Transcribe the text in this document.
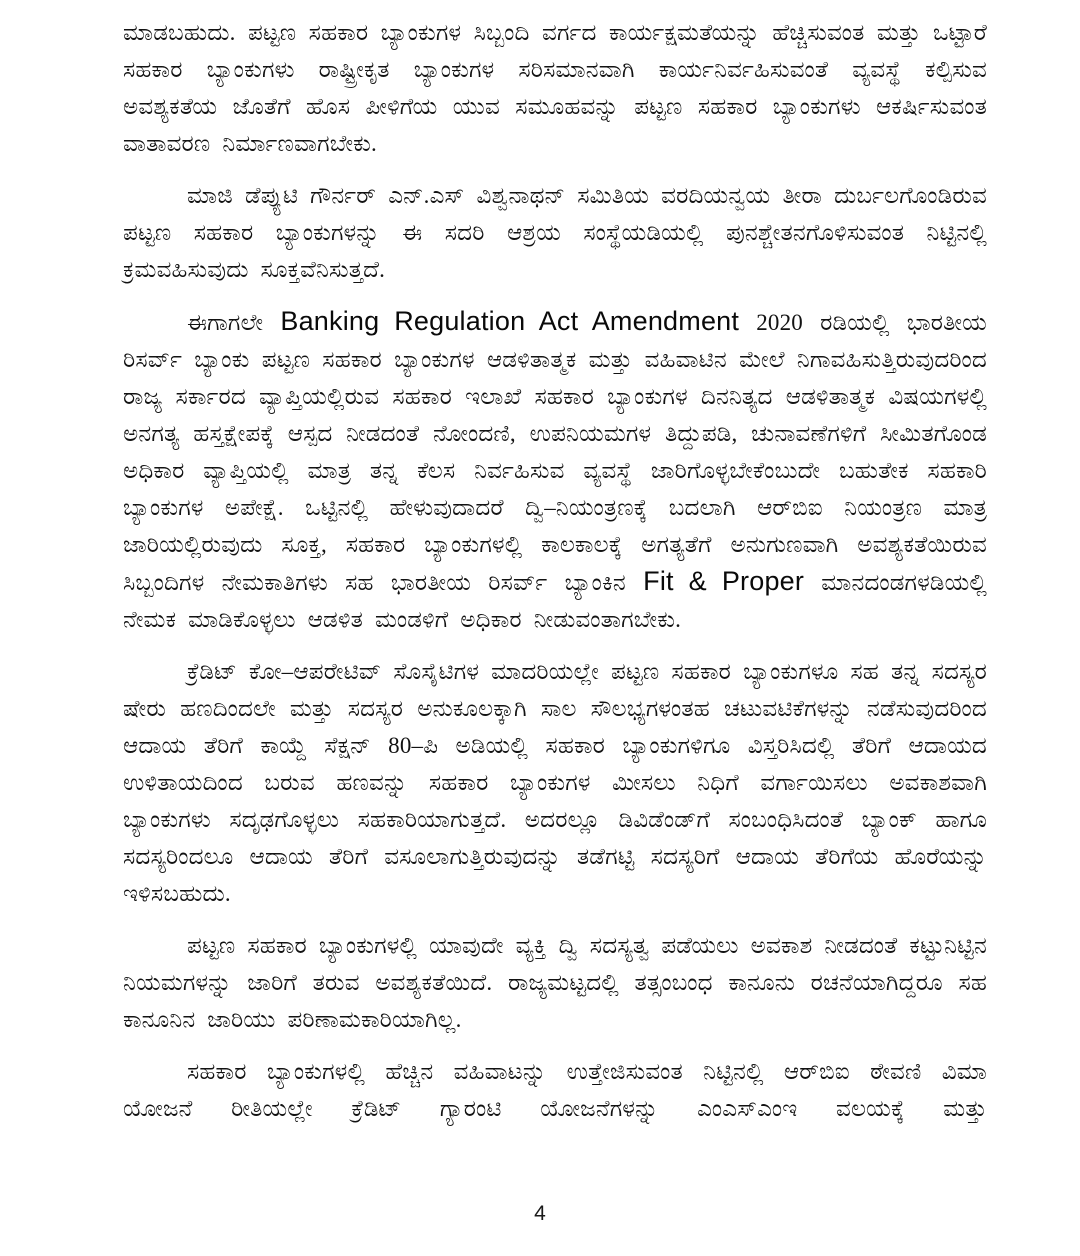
ಮಾಡಬಹುದು. ಪಟ್ಟಣ ಸಹಕಾರ ಬ್ಯಾಂಕುಗಳ ಸಿಬ್ಬಂದಿ ವರ್ಗದ ಕಾರ್ಯಕ್ಷಮತೆಯನ್ನು ಹೆಚ್ಚಿಸುವಂತ ಮತ್ತು ಒಟ್ಟಾರೆ ಸಹಕಾರ ಬ್ಯಾಂಕುಗಳು ರಾಷ್ಟ್ರೀಕೃತ ಬ್ಯಾಂಕುಗಳ ಸರಿಸಮಾನವಾಗಿ ಕಾರ್ಯನಿರ್ವಹಿಸುವಂತೆ ವ್ಯವಸ್ಥೆ ಕಲ್ಪಿಸುವ ಅವಶ್ಯಕತೆಯ ಜೊತೆಗೆ ಹೊಸ ಪೀಳಿಗೆಯ ಯುವ ಸಮೂಹವನ್ನು ಪಟ್ಟಣ ಸಹಕಾರ ಬ್ಯಾಂಕುಗಳು ಆಕರ್ಷಿಸುವಂತ ವಾತಾವರಣ ನಿರ್ಮಾಣವಾಗಬೇಕು.

ಮಾಜಿ ಡೆಪ್ಯುಟಿ ಗೌರ್ನರ್ ಎನ್.ಎಸ್ ವಿಶ್ವನಾಥನ್ ಸಮಿತಿಯ ವರದಿಯನ್ವಯ ತೀರಾ ದುರ್ಬಲಗೊಂಡಿರುವ ಪಟ್ಟಣ ಸಹಕಾರ ಬ್ಯಾಂಕುಗಳನ್ನು ಈ ಸದರಿ ಆಶ್ರಯ ಸಂಸ್ಥೆಯಡಿಯಲ್ಲಿ ಪುನಶ್ಚೇತನಗೊಳಿಸುವಂತ ನಿಟ್ಟಿನಲ್ಲಿ ಕ್ರಮವಹಿಸುವುದು ಸೂಕ್ತವೆನಿಸುತ್ತದೆ.

ಈಗಾಗಲೇ Banking Regulation Act Amendment 2020 ರಡಿಯಲ್ಲಿ ಭಾರತೀಯ ರಿಸರ್ವ್ ಬ್ಯಾಂಕು ಪಟ್ಟಣ ಸಹಕಾರ ಬ್ಯಾಂಕುಗಳ ಆಡಳಿತಾತ್ಮಕ ಮತ್ತು ವಹಿವಾಟಿನ ಮೇಲೆ ನಿಗಾವಹಿಸುತ್ತಿರುವುದರಿಂದ ರಾಜ್ಯ ಸರ್ಕಾರದ ವ್ಯಾಪ್ತಿಯಲ್ಲಿರುವ ಸಹಕಾರ ಇಲಾಖೆ ಸಹಕಾರ ಬ್ಯಾಂಕುಗಳ ದಿನನಿತ್ಯದ ಆಡಳಿತಾತ್ಮಕ ವಿಷಯಗಳಲ್ಲಿ ಅನಗತ್ಯ ಹಸ್ತಕ್ಷೇಪಕ್ಕೆ ಆಸ್ಪದ ನೀಡದಂತೆ ನೋಂದಣಿ, ಉಪನಿಯಮಗಳ ತಿದ್ದುಪಡಿ, ಚುನಾವಣೆಗಳಿಗೆ ಸೀಮಿತಗೊಂಡ ಅಧಿಕಾರ ವ್ಯಾಪ್ತಿಯಲ್ಲಿ ಮಾತ್ರ ತನ್ನ ಕೆಲಸ ನಿರ್ವಹಿಸುವ ವ್ಯವಸ್ಥೆ ಜಾರಿಗೊಳ್ಳಬೇಕೆಂಬುದೇ ಬಹುತೇಕ ಸಹಕಾರಿ ಬ್ಯಾಂಕುಗಳ ಅಪೇಕ್ಷೆ. ಒಟ್ಟಿನಲ್ಲಿ ಹೇಳುವುದಾದರೆ ದ್ವಿ–ನಿಯಂತ್ರಣಕ್ಕೆ ಬದಲಾಗಿ ಆರ್‌ಬಿಐ ನಿಯಂತ್ರಣ ಮಾತ್ರ ಜಾರಿಯಲ್ಲಿರುವುದು ಸೂಕ್ತ, ಸಹಕಾರ ಬ್ಯಾಂಕುಗಳಲ್ಲಿ ಕಾಲಕಾಲಕ್ಕೆ ಅಗತ್ಯತೆಗೆ ಅನುಗುಣವಾಗಿ ಅವಶ್ಯಕತೆಯಿರುವ ಸಿಬ್ಬಂದಿಗಳ ನೇಮಕಾತಿಗಳು ಸಹ ಭಾರತೀಯ ರಿಸರ್ವ್ ಬ್ಯಾಂಕಿನ Fit & Proper ಮಾನದಂಡಗಳಡಿಯಲ್ಲಿ ನೇಮಕ ಮಾಡಿಕೊಳ್ಳಲು ಆಡಳಿತ ಮಂಡಳಿಗೆ ಅಧಿಕಾರ ನೀಡುವಂತಾಗಬೇಕು.

ಕ್ರೆಡಿಟ್ ಕೋ–ಆಪರೇಟಿವ್ ಸೊಸೈಟಿಗಳ ಮಾದರಿಯಲ್ಲೇ ಪಟ್ಟಣ ಸಹಕಾರ ಬ್ಯಾಂಕುಗಳೂ ಸಹ ತನ್ನ ಸದಸ್ಯರ ಷೇರು ಹಣದಿಂದಲೇ ಮತ್ತು ಸದಸ್ಯರ ಅನುಕೂಲಕ್ಕಾಗಿ ಸಾಲ ಸೌಲಭ್ಯಗಳಂತಹ ಚಟುವಟಿಕೆಗಳನ್ನು ನಡೆಸುವುದರಿಂದ ಆದಾಯ ತೆರಿಗೆ ಕಾಯ್ದೆ ಸೆಕ್ಷನ್ 80–ಪಿ ಅಡಿಯಲ್ಲಿ ಸಹಕಾರ ಬ್ಯಾಂಕುಗಳಿಗೂ ವಿಸ್ತರಿಸಿದಲ್ಲಿ ತೆರಿಗೆ ಆದಾಯದ ಉಳಿತಾಯದಿಂದ ಬರುವ ಹಣವನ್ನು ಸಹಕಾರ ಬ್ಯಾಂಕುಗಳ ಮೀಸಲು ನಿಧಿಗೆ ವರ್ಗಾಯಿಸಲು ಅವಕಾಶವಾಗಿ ಬ್ಯಾಂಕುಗಳು ಸದೃಢಗೊಳ್ಳಲು ಸಹಕಾರಿಯಾಗುತ್ತದೆ. ಅದರಲ್ಲೂ ಡಿವಿಡೆಂಡ್‌ಗೆ ಸಂಬಂಧಿಸಿದಂತೆ ಬ್ಯಾಂಕ್ ಹಾಗೂ ಸದಸ್ಯರಿಂದಲೂ ಆದಾಯ ತೆರಿಗೆ ವಸೂಲಾಗುತ್ತಿರುವುದನ್ನು ತಡೆಗಟ್ಟಿ ಸದಸ್ಯರಿಗೆ ಆದಾಯ ತೆರಿಗೆಯ ಹೊರೆಯನ್ನು ಇಳಿಸಬಹುದು.

ಪಟ್ಟಣ ಸಹಕಾರ ಬ್ಯಾಂಕುಗಳಲ್ಲಿ ಯಾವುದೇ ವ್ಯಕ್ತಿ ದ್ವಿ ಸದಸ್ಯತ್ವ ಪಡೆಯಲು ಅವಕಾಶ ನೀಡದಂತೆ ಕಟ್ಟುನಿಟ್ಟಿನ ನಿಯಮಗಳನ್ನು ಜಾರಿಗೆ ತರುವ ಅವಶ್ಯಕತೆಯಿದೆ. ರಾಜ್ಯಮಟ್ಟದಲ್ಲಿ ತತ್ಸಂಬಂಧ ಕಾನೂನು ರಚನೆಯಾಗಿದ್ದರೂ ಸಹ ಕಾನೂನಿನ ಜಾರಿಯು ಪರಿಣಾಮಕಾರಿಯಾಗಿಲ್ಲ.

ಸಹಕಾರ ಬ್ಯಾಂಕುಗಳಲ್ಲಿ ಹೆಚ್ಚಿನ ವಹಿವಾಟನ್ನು ಉತ್ತೇಜಿಸುವಂತ ನಿಟ್ಟಿನಲ್ಲಿ ಆರ್‌ಬಿಐ ಠೇವಣಿ ವಿಮಾ ಯೋಜನೆ ರೀತಿಯಲ್ಲೇ ಕ್ರೆಡಿಟ್ ಗ್ಯಾರಂಟಿ ಯೋಜನೆಗಳನ್ನು ಎಂಎಸ್‌ಎಂಇ ವಲಯಕ್ಕೆ ಮತ್ತು

4
